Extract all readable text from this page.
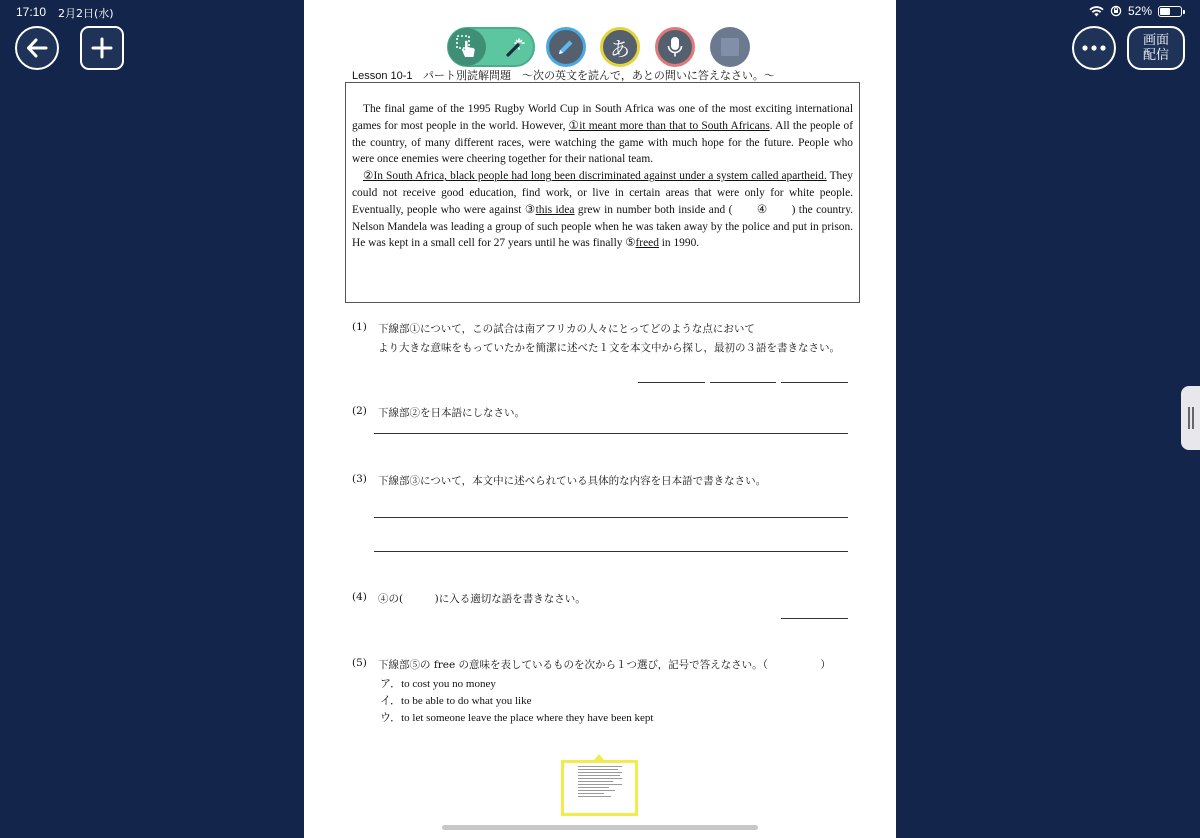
17:10 2月2日(水)	52%
画面
配信
あ
Lesson 10-1 パート別読解問題　～次の英文を読んで，あとの問いに答えなさい。～

The final game of the 1995 Rugby World Cup in South Africa was one of the most exciting international games for most people in the world. However, ①it meant more than that to South Africans. All the people of the country, of many different races, were watching the game with much hope for the future. People who were once enemies were cheering together for their national team.

②In South Africa, black people had long been discriminated against under a system called apartheid. They could not receive good education, find work, or live in certain areas that were only for white people. Eventually, people who were against ③this idea grew in number both inside and (　　④　　) the country. Nelson Mandela was leading a group of such people when he was taken away by the police and put in prison. He was kept in a small cell for 27 years until he was finally ⑤freed in 1990.

(1) 下線部①について，この試合は南アフリカの人々にとってどのような点において
より大きな意味をもっていたかを簡潔に述べた１文を本文中から探し，最初の３語を書きなさい。
(2) 下線部②を日本語にしなさい。
(3) 下線部③について，本文中に述べられている具体的な内容を日本語で書きなさい。
(4) ④の(　　　)に入る適切な語を書きなさい。
(5) 下線部⑤の free の意味を表しているものを次から１つ選び，記号で答えなさい。（　　　　　）
ア．to cost you no money
イ．to be able to do what you like
ウ．to let someone leave the place where they have been kept
